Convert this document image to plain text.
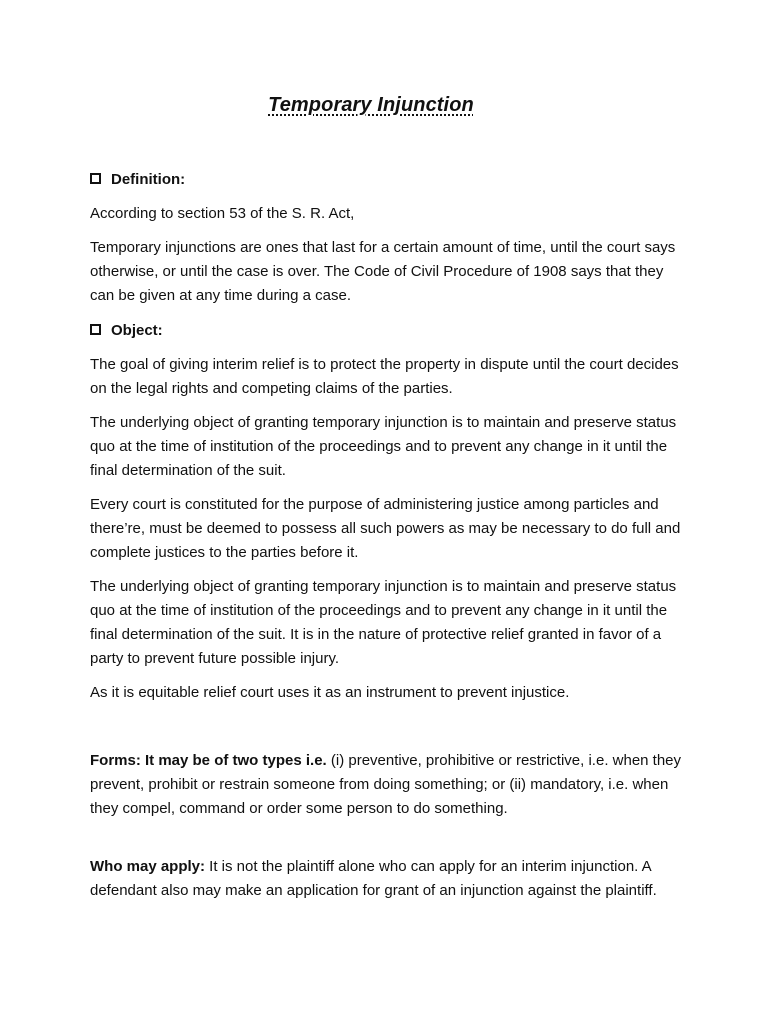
Temporary Injunction
Definition:

According to section 53 of the S. R. Act,

Temporary injunctions are ones that last for a certain amount of time, until the court says otherwise, or until the case is over. The Code of Civil Procedure of 1908 says that they can be given at any time during a case.

Object:

The goal of giving interim relief is to protect the property in dispute until the court decides on the legal rights and competing claims of the parties.

The underlying object of granting temporary injunction is to maintain and preserve status quo at the time of institution of the proceedings and to prevent any change in it until the final determination of the suit.

Every court is constituted for the purpose of administering justice among particles and there’re, must be deemed to possess all such powers as may be necessary to do full and complete justices to the parties before it.

The underlying object of granting temporary injunction is to maintain and preserve status quo at the time of institution of the proceedings and to prevent any change in it until the final determination of the suit. It is in the nature of protective relief granted in favor of a party to prevent future possible injury.

As it is equitable relief court uses it as an instrument to prevent injustice.

Forms: It may be of two types i.e. (i) preventive, prohibitive or restrictive, i.e. when they prevent, prohibit or restrain someone from doing something; or (ii) mandatory, i.e. when they compel, command or order some person to do something.

Who may apply: It is not the plaintiff alone who can apply for an interim injunction. A defendant also may make an application for grant of an injunction against the plaintiff.
